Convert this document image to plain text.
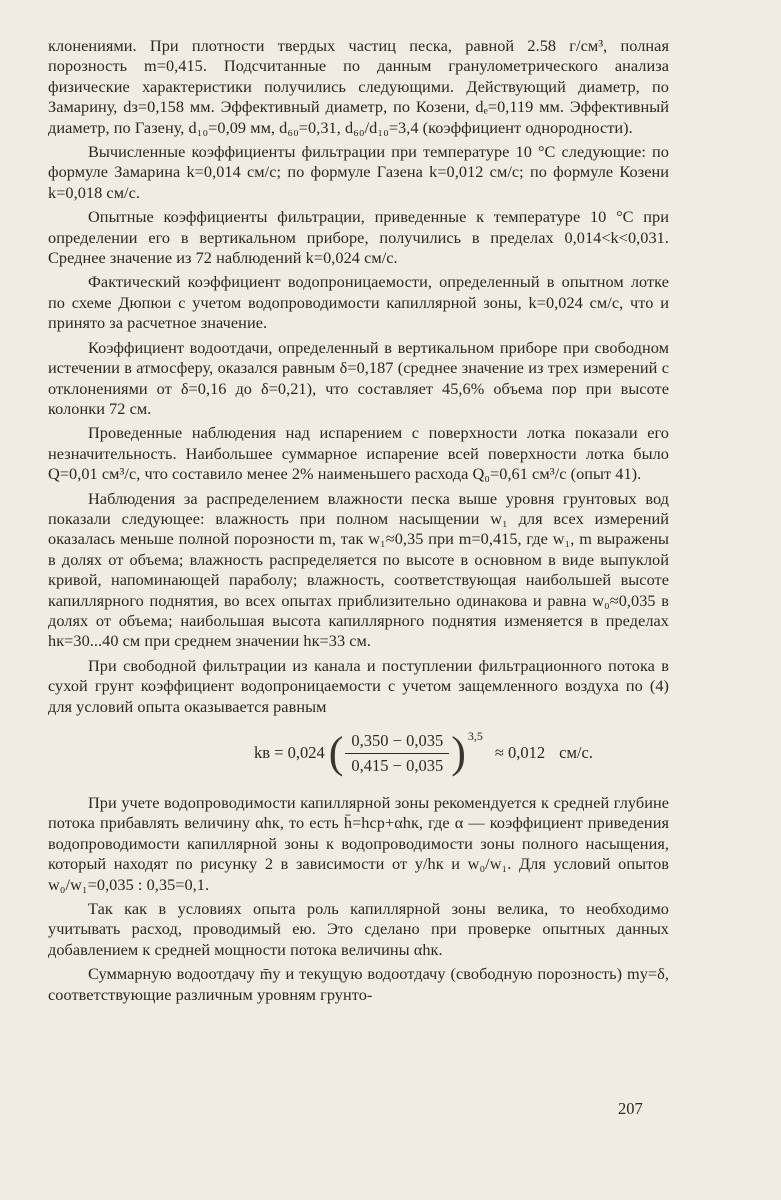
клонениями. При плотности твердых частиц песка, равной 2.58 г/см³, полная порозность m=0,415. Подсчитанные по данным гранулометрического анализа физические характеристики получились следующими. Действующий диаметр, по Замарину, dз=0,158 мм. Эффективный диаметр, по Козени, dₑ=0,119 мм. Эффективный диаметр, по Газену, d₁₀=0,09 мм, d₆₀=0,31, d₆₀/d₁₀=3,4 (коэффициент однородности).

Вычисленные коэффициенты фильтрации при температуре 10 °C следующие: по формуле Замарина k=0,014 см/с; по формуле Газена k=0,012 см/с; по формуле Козени k=0,018 см/с.

Опытные коэффициенты фильтрации, приведенные к температуре 10 °C при определении его в вертикальном приборе, получились в пределах 0,014<k<0,031. Среднее значение из 72 наблюдений k=0,024 см/с.

Фактический коэффициент водопроницаемости, определенный в опытном лотке по схеме Дюпюи с учетом водопроводимости капиллярной зоны, k=0,024 см/с, что и принято за расчетное значение.

Коэффициент водоотдачи, определенный в вертикальном приборе при свободном истечении в атмосферу, оказался равным δ=0,187 (среднее значение из трех измерений с отклонениями от δ=0,16 до δ=0,21), что составляет 45,6% объема пор при высоте колонки 72 см.

Проведенные наблюдения над испарением с поверхности лотка показали его незначительность. Наибольшее суммарное испарение всей поверхности лотка было Q=0,01 см³/с, что составило менее 2% наименьшего расхода Q₀=0,61 см³/с (опыт 41).

Наблюдения за распределением влажности песка выше уровня грунтовых вод показали следующее: влажность при полном насыщении w₁ для всех измерений оказалась меньше полной порозности m, так w₁≈0,35 при m=0,415, где w₁, m выражены в долях от объема; влажность распределяется по высоте в основном в виде выпуклой кривой, напоминающей параболу; влажность, соответствующая наибольшей высоте капиллярного поднятия, во всех опытах приблизительно одинакова и равна w₀≈0,035 в долях от объема; наибольшая высота капиллярного поднятия изменяется в пределах hк=30...40 см при среднем значении hк=33 см.

При свободной фильтрации из канала и поступлении фильтрационного потока в сухой грунт коэффициент водопроницаемости с учетом защемленного воздуха по (4) для условий опыта оказывается равным

kв = 0,024 ( $\frac{0,350 - 0,035}{0,415 - 0,035}$ ) 3,5
≈ 0,012 см/с.

При учете водопроводимости капиллярной зоны рекомендуется к средней глубине потока прибавлять величину αhк, то есть h̄=hср+αhк, где α — коэффициент приведения водопроводимости капиллярной зоны к водопроводимости зоны полного насыщения, который находят по рисунку 2 в зависимости от y/hк и w₀/w₁. Для условий опытов w₀/w₁=0,035 : 0,35=0,1.

Так как в условиях опыта роль капиллярной зоны велика, то необходимо учитывать расход, проводимый ею. Это сделано при проверке опытных данных добавлением к средней мощности потока величины αhк.

Суммарную водоотдачу m̄y и текущую водоотдачу (свободную порозность) my=δ, соответствующие различным уровням грунто-

207
